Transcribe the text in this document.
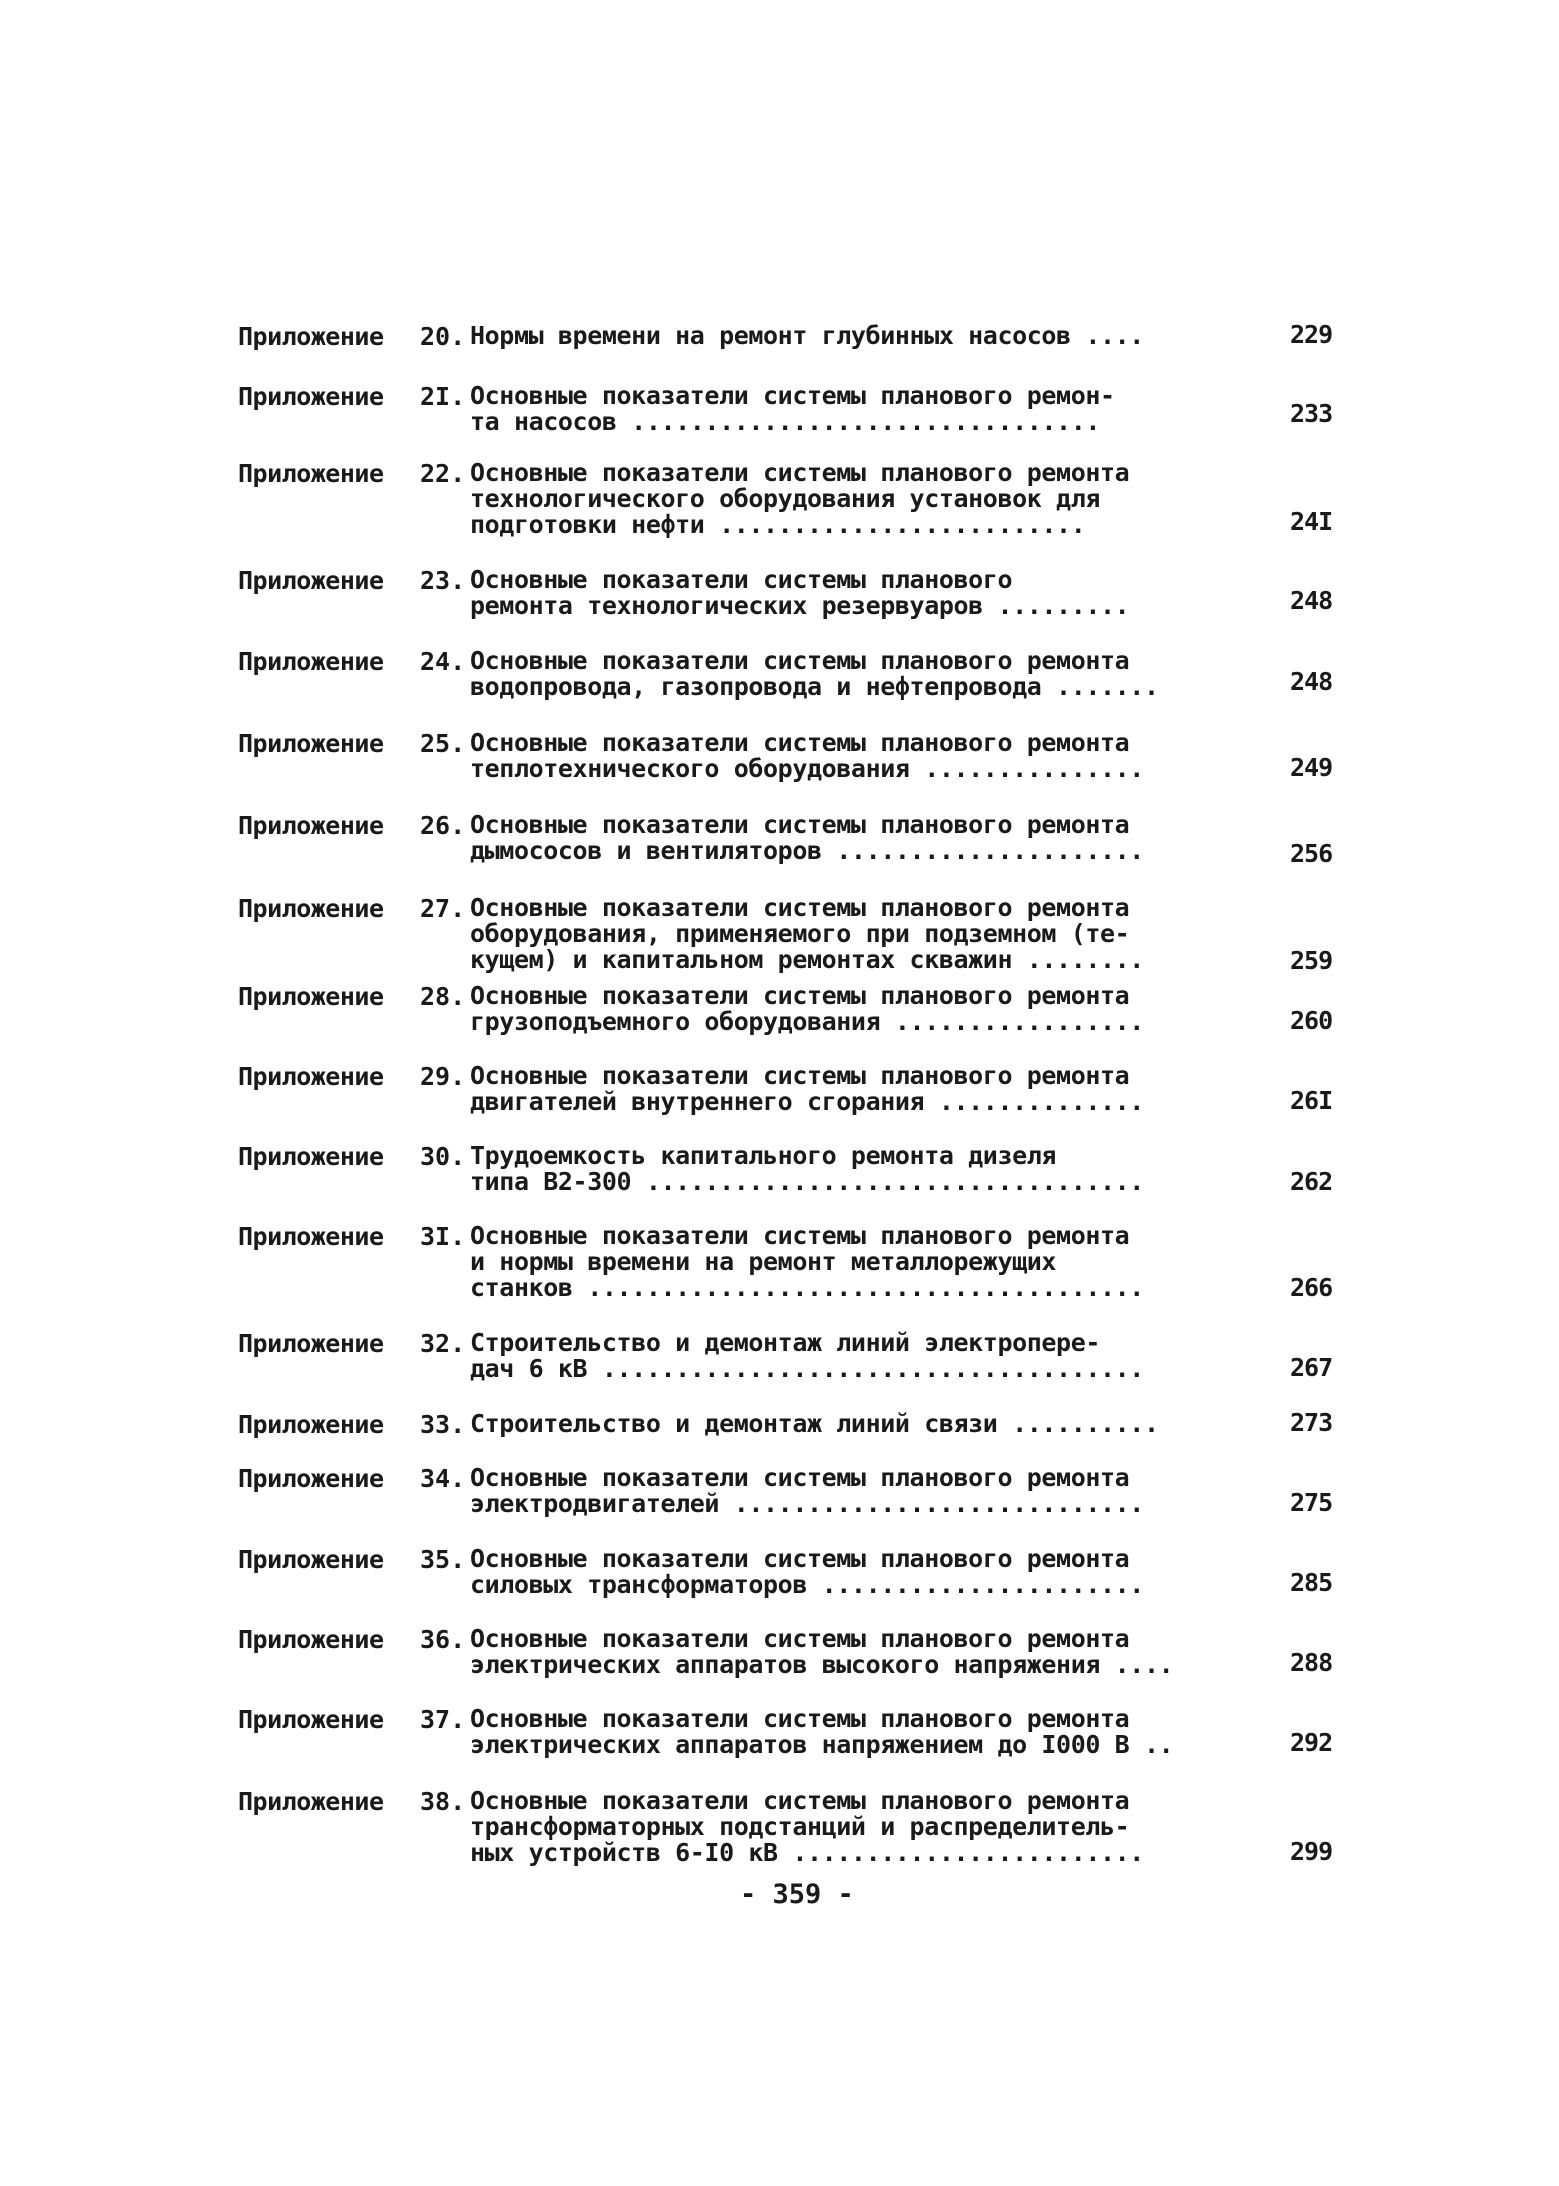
Приложение 20. Нормы времени на ремонт глубинных насосов ....	229
Приложение 2I. Основные показатели системы планового ремон-
та насосов ................................	233
Приложение 22. Основные показатели системы планового ремонта
технологического оборудования установок для
подготовки нефти .........................	24I
Приложение 23. Основные показатели системы планового
ремонта технологических резервуаров .........	248
Приложение 24. Основные показатели системы планового ремонта
водопровода, газопровода и нефтепровода .......	248
Приложение 25. Основные показатели системы планового ремонта
теплотехнического оборудования ...............	249
Приложение 26. Основные показатели системы планового ремонта
дымососов и вентиляторов .....................	256
Приложение 27. Основные показатели системы планового ремонта
оборудования, применяемого при подземном (те-
кущем) и капитальном ремонтах скважин ........	259
Приложение 28. Основные показатели системы планового ремонта
грузоподъемного оборудования .................	260
Приложение 29. Основные показатели системы планового ремонта
двигателей внутреннего сгорания ..............	26I
Приложение 30. Трудоемкость капитального ремонта дизеля
типа В2-300 ..................................	262
Приложение 3I. Основные показатели системы планового ремонта
и нормы времени на ремонт металлорежущих
станков ......................................	266
Приложение 32. Строительство и демонтаж линий электропере-
дач 6 кВ .....................................	267
Приложение 33. Строительство и демонтаж линий связи ..........	273
Приложение 34. Основные показатели системы планового ремонта
электродвигателей ............................	275
Приложение 35. Основные показатели системы планового ремонта
силовых трансформаторов ......................	285
Приложение 36. Основные показатели системы планового ремонта
электрических аппаратов высокого напряжения ....	288
Приложение 37. Основные показатели системы планового ремонта
электрических аппаратов напряжением до I000 В ..	292
Приложение 38. Основные показатели системы планового ремонта
трансформаторных подстанций и распределитель-
ных устройств 6-I0 кВ ........................	299
- 359 -
